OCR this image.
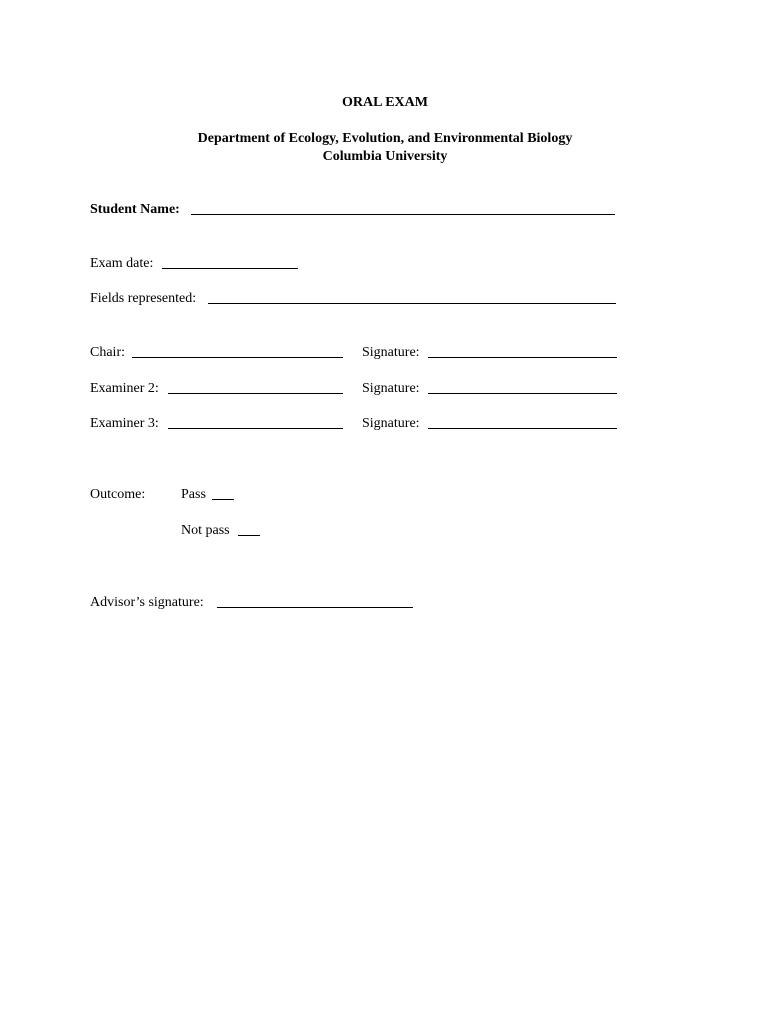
ORAL EXAM
Department of Ecology, Evolution, and Environmental Biology
Columbia University
Student Name:
Exam date:
Fields represented:
Chair:	Signature:
Examiner 2:	Signature:
Examiner 3:	Signature:
Outcome:	Pass
Not pass
Advisor’s signature:
